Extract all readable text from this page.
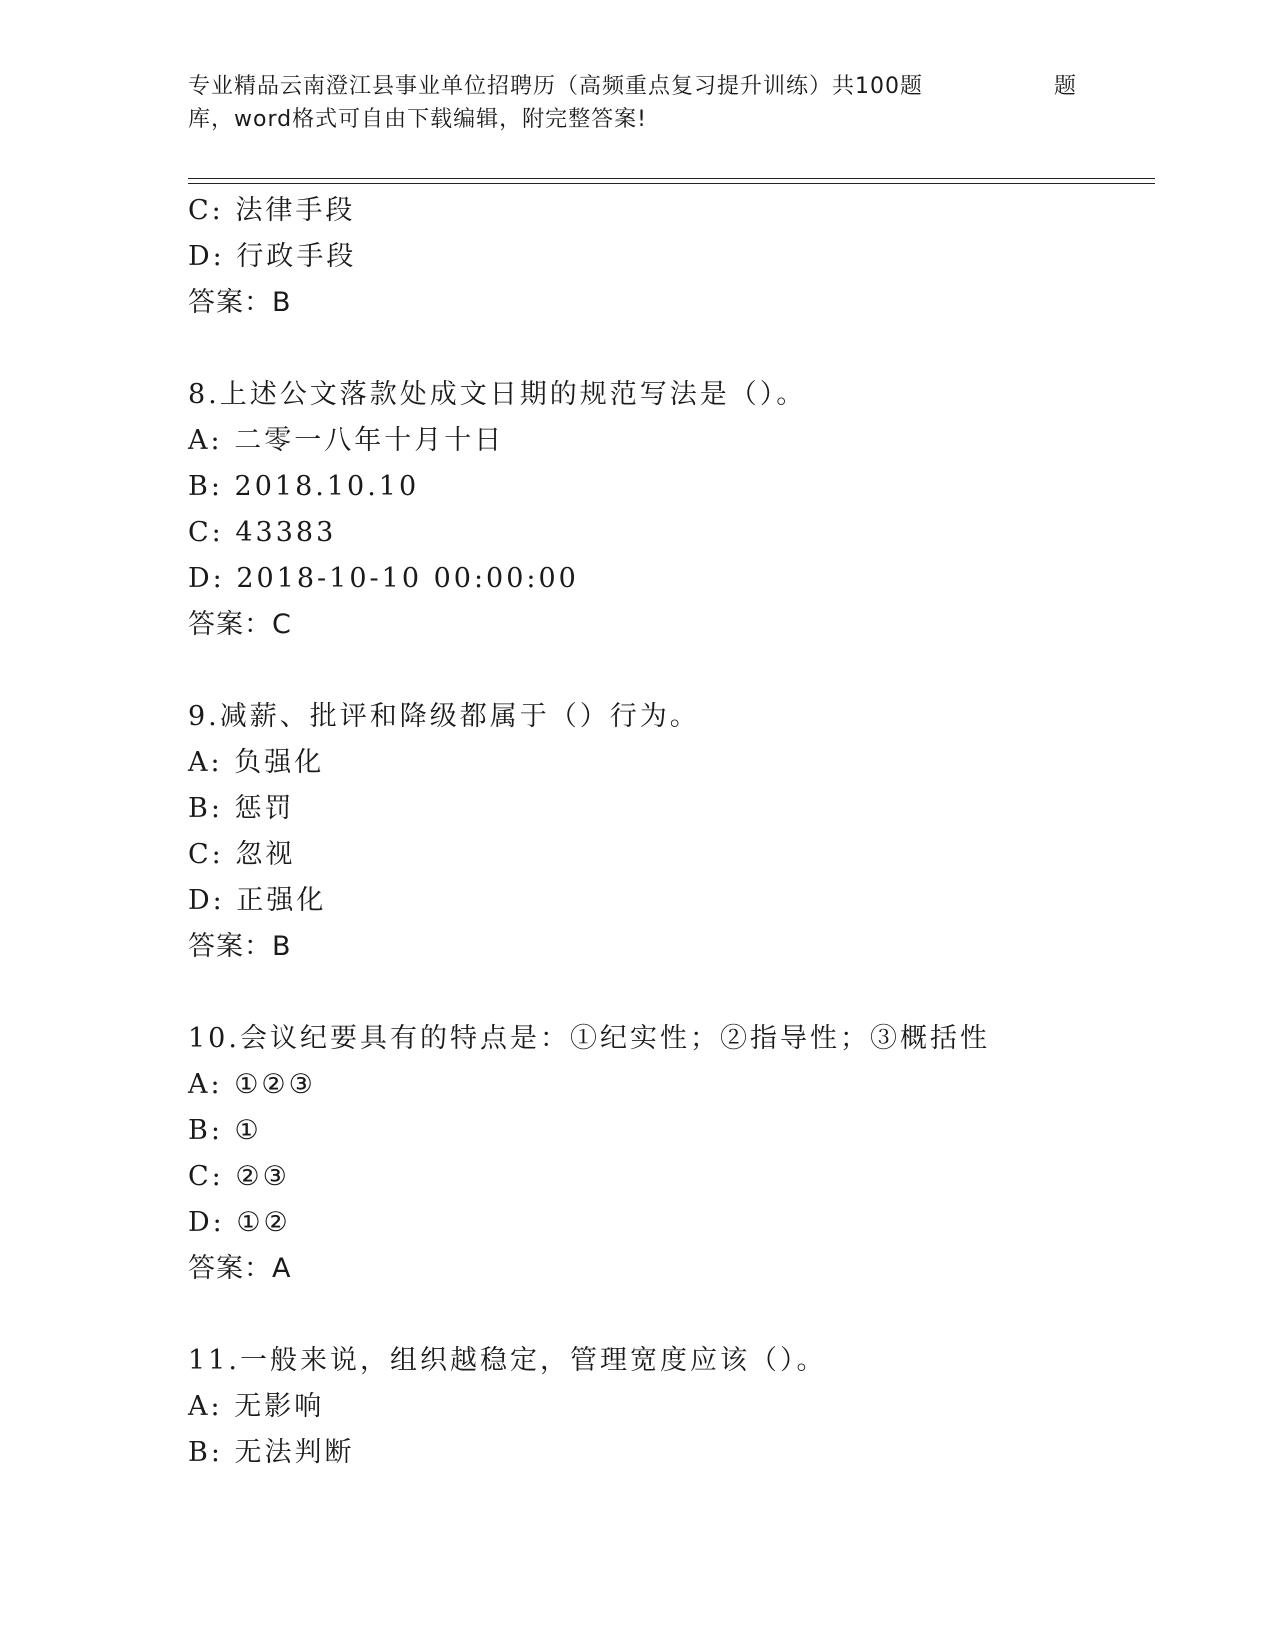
专业精品云南澄江县事业单位招聘历（高频重点复习提升训练）共100题	题
库，word格式可自由下载编辑，附完整答案!
C: 法律手段
D: 行政手段
答案：B
8.上述公文落款处成文日期的规范写法是（）。
A: 二零一八年十月十日
B: 2018.10.10
C: 43383
D: 2018-10-10 00:00:00
答案：C
9.减薪、批评和降级都属于（）行为。
A: 负强化
B: 惩罚
C: 忽视
D: 正强化
答案：B
10.会议纪要具有的特点是：①纪实性；②指导性；③概括性
A: ①②③
B: ①
C: ②③
D: ①②
答案：A
11.一般来说，组织越稳定，管理宽度应该（）。
A: 无影响
B: 无法判断
